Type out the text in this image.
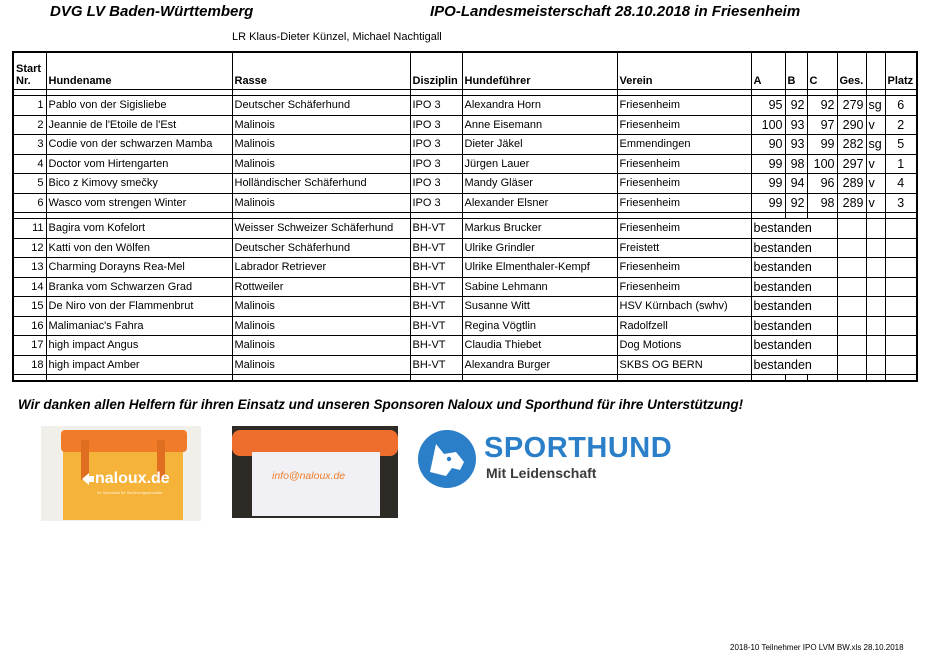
DVG LV Baden-Württemberg	IPO-Landesmeisterschaft 28.10.2018 in Friesenheim
LR Klaus-Dieter Künzel, Michael Nachtigall
Start
Nr.	Hundename	Rasse	Disziplin	Hundeführer	Verein	A	B	C	Ges.		Platz

1	Pablo von der Sigisliebe	Deutscher Schäferhund	IPO 3	Alexandra Horn	Friesenheim	95	92	92	279	sg	6
2	Jeannie de l'Etoile de l'Est	Malinois	IPO 3	Anne Eisemann	Friesenheim	100	93	97	290	v	2
3	Codie von der schwarzen Mamba	Malinois	IPO 3	Dieter Jäkel	Emmendingen	90	93	99	282	sg	5
4	Doctor vom Hirtengarten	Malinois	IPO 3	Jürgen Lauer	Friesenheim	99	98	100	297	v	1
5	Bico z Kimovy smečky	Holländischer Schäferhund	IPO 3	Mandy Gläser	Friesenheim	99	94	96	289	v	4
6	Wasco vom strengen Winter	Malinois	IPO 3	Alexander Elsner	Friesenheim	99	92	98	289	v	3

11	Bagira vom Kofelort	Weisser Schweizer Schäferhund	BH-VT	Markus Brucker	Friesenheim	bestanden					
12	Katti von den Wölfen	Deutscher Schäferhund	BH-VT	Ulrike Grindler	Freistett	bestanden					
13	Charming Dorayns Rea-Mel	Labrador Retriever	BH-VT	Ulrike Elmenthaler-Kempf	Friesenheim	bestanden					
14	Branka vom Schwarzen Grad	Rottweiler	BH-VT	Sabine Lehmann	Friesenheim	bestanden					
15	De Niro von der Flammenbrut	Malinois	BH-VT	Susanne Witt	HSV Kürnbach (swhv)	bestanden					
16	Malimaniac's Fahra	Malinois	BH-VT	Regina Vögtlin	Radolfzell	bestanden					
17	high impact Angus	Malinois	BH-VT	Claudia Thiebet	Dog Motions	bestanden					
18	high impact Amber	Malinois	BH-VT	Alexandra Burger	SKBS OG BERN	bestanden					

Wir danken allen Helfern für ihren Einsatz und unseren Sponsoren Naloux und Sporthund für ihre Unterstützung!
naloux.de
Ihr Spezialist für Sicherungsprodukte
info@naloux.de
SPORTHUND
Mit Leidenschaft
2018-10 Teilnehmer IPO LVM BW.xls 28.10.2018
